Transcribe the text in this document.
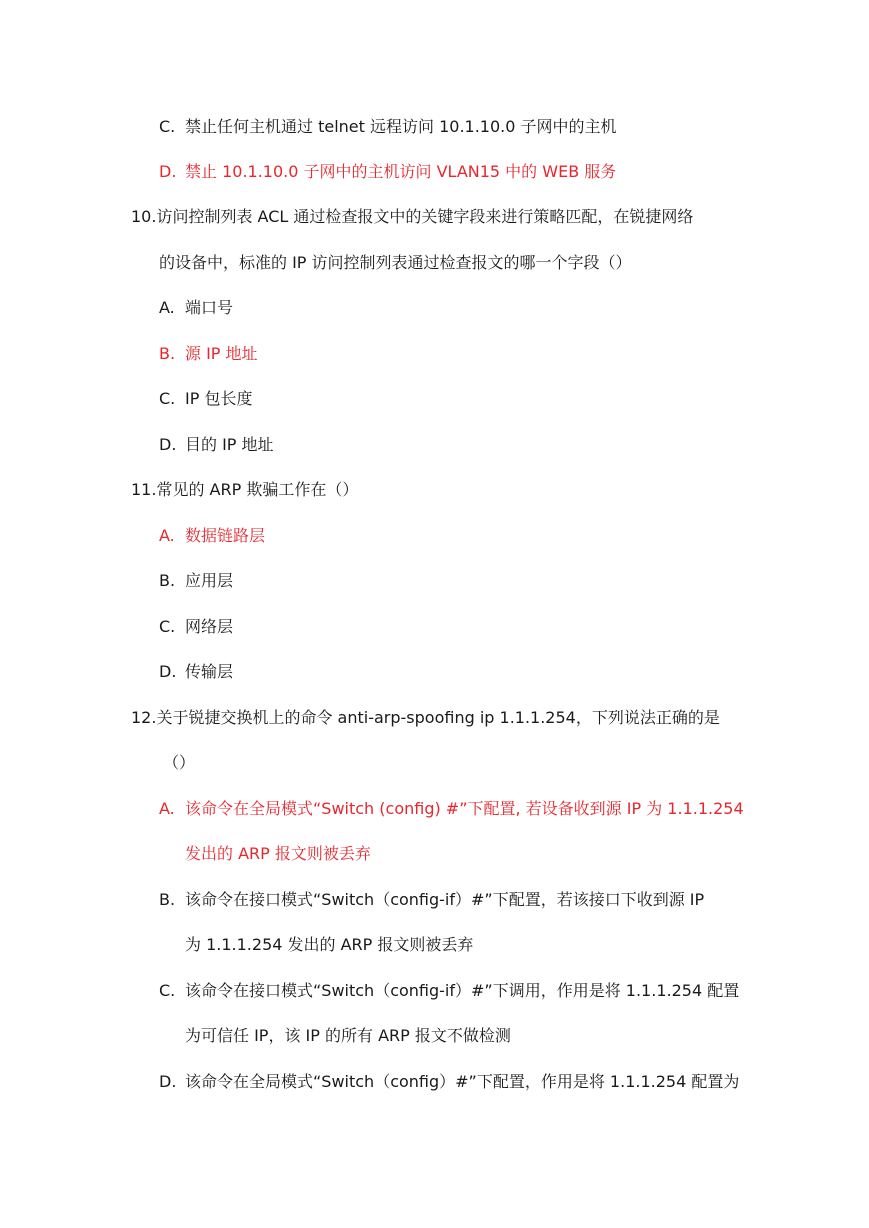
C. 禁止任何主机通过 telnet 远程访问 10.1.10.0 子网中的主机
D. 禁止 10.1.10.0 子网中的主机访问 VLAN15 中的 WEB 服务
10.访问控制列表 ACL 通过检查报文中的关键字段来进行策略匹配，在锐捷网络
的设备中，标准的 IP 访问控制列表通过检查报文的哪一个字段（）
A. 端口号
B. 源 IP 地址
C. IP 包长度
D. 目的 IP 地址
11.常见的 ARP 欺骗工作在（）
A. 数据链路层
B. 应用层
C. 网络层
D. 传输层
12.关于锐捷交换机上的命令 anti-arp-spoofing ip 1.1.1.254，下列说法正确的是
（）
A. 该命令在全局模式“Switch (config) #”下配置, 若设备收到源 IP 为 1.1.1.254
发出的 ARP 报文则被丢弃
B. 该命令在接口模式“Switch（config-if）#”下配置，若该接口下收到源 IP
为 1.1.1.254 发出的 ARP 报文则被丢弃
C. 该命令在接口模式“Switch（config-if）#”下调用，作用是将 1.1.1.254 配置
为可信任 IP，该 IP 的所有 ARP 报文不做检测
D. 该命令在全局模式“Switch（config）#”下配置，作用是将 1.1.1.254 配置为
